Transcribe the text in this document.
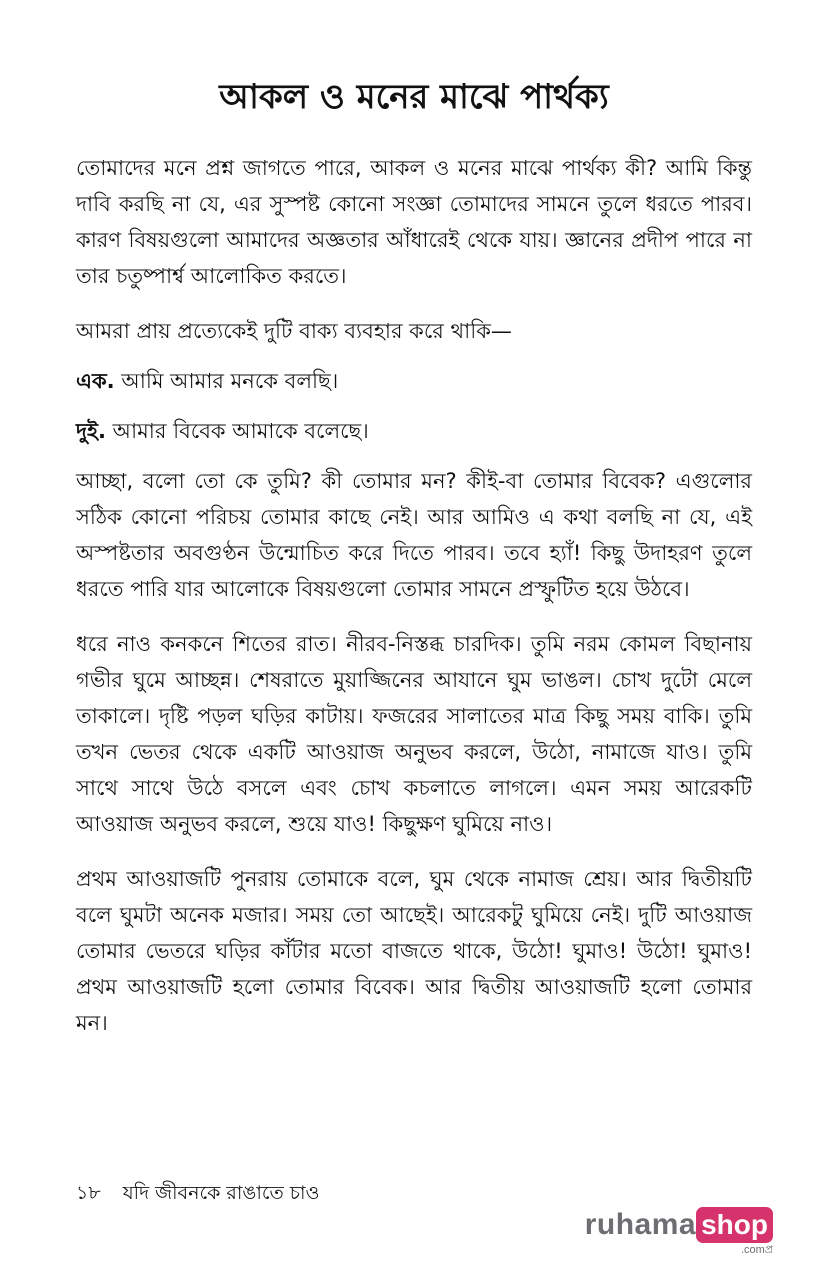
আকল ও মনের মাঝে পার্থক্য

তোমাদের মনে প্রশ্ন জাগতে পারে, আকল ও মনের মাঝে পার্থক্য কী? আমি কিন্তু দাবি করছি না যে, এর সুস্পষ্ট কোনো সংজ্ঞা তোমাদের সামনে তুলে ধরতে পারব। কারণ বিষয়গুলো আমাদের অজ্ঞতার আঁধারেই থেকে যায়। জ্ঞানের প্রদীপ পারে না তার চতুষ্পার্শ্ব আলোকিত করতে।

আমরা প্রায় প্রত্যেকেই দুটি বাক্য ব্যবহার করে থাকি—

এক. আমি আমার মনকে বলছি।

দুই. আমার বিবেক আমাকে বলেছে।

আচ্ছা, বলো তো কে তুমি? কী তোমার মন? কীই-বা তোমার বিবেক? এগুলোর সঠিক কোনো পরিচয় তোমার কাছে নেই। আর আমিও এ কথা বলছি না যে, এই অস্পষ্টতার অবগুণ্ঠন উন্মোচিত করে দিতে পারব। তবে হ্যাঁ! কিছু উদাহরণ তুলে ধরতে পারি যার আলোকে বিষয়গুলো তোমার সামনে প্রস্ফুটিত হয়ে উঠবে।

ধরে নাও কনকনে শিতের রাত। নীরব-নিস্তব্ধ চারদিক। তুমি নরম কোমল বিছানায় গভীর ঘুমে আচ্ছন্ন। শেষরাতে মুয়াজ্জিনের আযানে ঘুম ভাঙল। চোখ দুটো মেলে তাকালে। দৃষ্টি পড়ল ঘড়ির কাটায়। ফজরের সালাতের মাত্র কিছু সময় বাকি। তুমি তখন ভেতর থেকে একটি আওয়াজ অনুভব করলে, উঠো, নামাজে যাও। তুমি সাথে সাথে উঠে বসলে এবং চোখ কচলাতে লাগলে। এমন সময় আরেকটি আওয়াজ অনুভব করলে, শুয়ে যাও! কিছুক্ষণ ঘুমিয়ে নাও।

প্রথম আওয়াজটি পুনরায় তোমাকে বলে, ঘুম থেকে নামাজ শ্রেয়। আর দ্বিতীয়টি বলে ঘুমটা অনেক মজার। সময় তো আছেই। আরেকটু ঘুমিয়ে নেই। দুটি আওয়াজ তোমার ভেতরে ঘড়ির কাঁটার মতো বাজতে থাকে, উঠো! ঘুমাও! উঠো! ঘুমাও! প্রথম আওয়াজটি হলো তোমার বিবেক। আর দ্বিতীয় আওয়াজটি হলো তোমার মন।

১৮ যদি জীবনকে রাঙাতে চাও
ruhama shop
.comপ্র
